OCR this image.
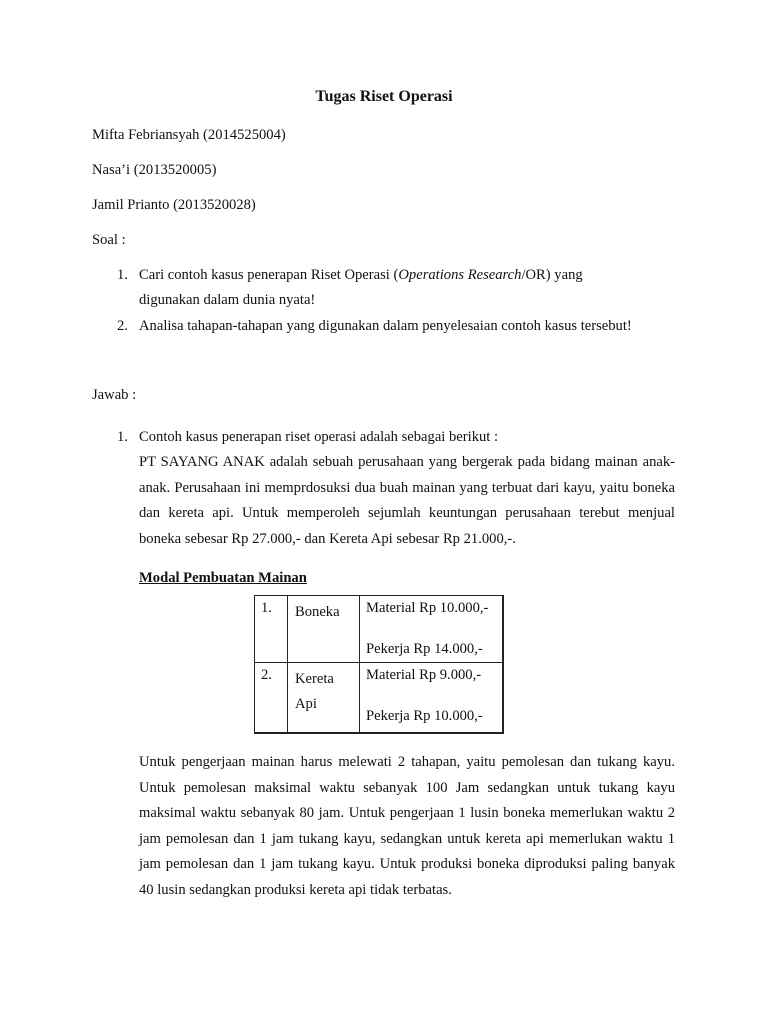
Tugas Riset Operasi
Mifta Febriansyah (2014525004)
Nasa’i (2013520005)
Jamil Prianto (2013520028)
Soal :
1. Cari contoh kasus penerapan Riset Operasi (Operations Research/OR) yang
digunakan dalam dunia nyata!
2. Analisa tahapan-tahapan yang digunakan dalam penyelesaian contoh kasus tersebut!
Jawab :
1. Contoh kasus penerapan riset operasi adalah sebagai berikut :
PT SAYANG ANAK adalah sebuah perusahaan yang bergerak pada bidang mainan anak-anak. Perusahaan ini memprdosuksi dua buah mainan yang terbuat dari kayu, yaitu boneka dan kereta api. Untuk memperoleh sejumlah keuntungan perusahaan terebut menjual boneka sebesar Rp 27.000,- dan Kereta Api sebesar Rp 21.000,-.
Modal Pembuatan Mainan
1.	Boneka	Material Rp 10.000,-
Pekerja Rp 14.000,-

2.	Kereta Api	Material Rp 9.000,-
Pekerja Rp 10.000,-
Untuk pengerjaan mainan harus melewati 2 tahapan, yaitu pemolesan dan tukang kayu. Untuk pemolesan maksimal waktu sebanyak 100 Jam sedangkan untuk tukang kayu maksimal waktu sebanyak 80 jam. Untuk pengerjaan 1 lusin boneka memerlukan waktu 2 jam pemolesan dan 1 jam tukang kayu, sedangkan untuk kereta api memerlukan waktu 1 jam pemolesan dan 1 jam tukang kayu. Untuk produksi boneka diproduksi paling banyak 40 lusin sedangkan produksi kereta api tidak terbatas.
